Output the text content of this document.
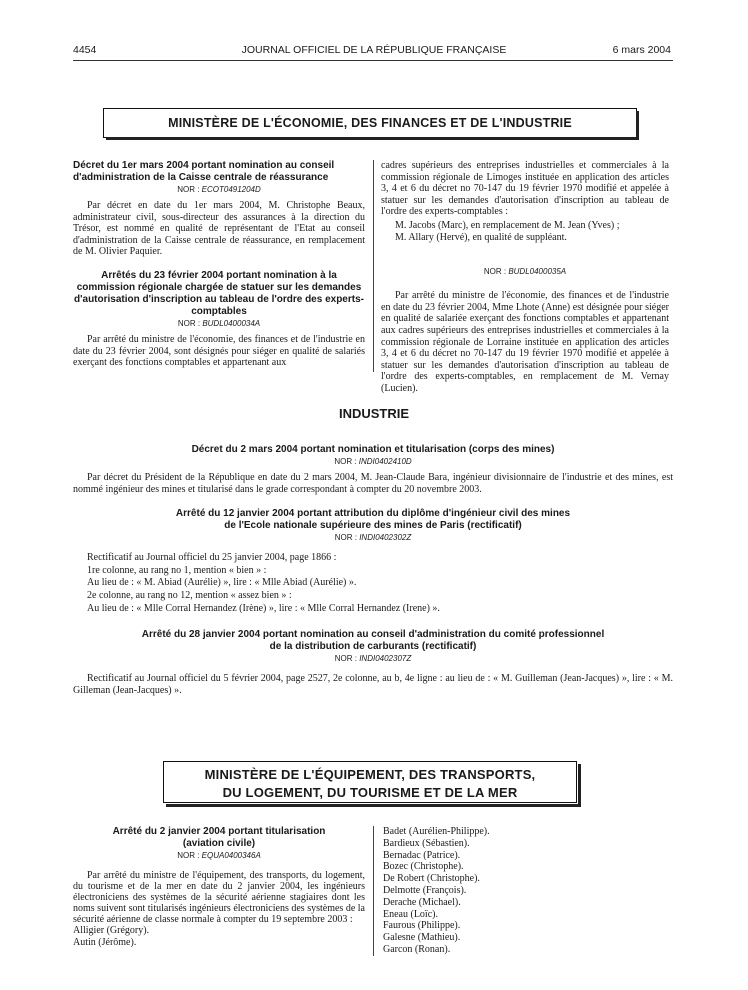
4454	JOURNAL OFFICIEL DE LA RÉPUBLIQUE FRANÇAISE	6 mars 2004
MINISTÈRE DE L'ÉCONOMIE, DES FINANCES ET DE L'INDUSTRIE

Décret du 1er mars 2004 portant nomination au conseil d'administration de la Caisse centrale de réassurance

NOR : ECOT0491204D

Par décret en date du 1er mars 2004, M. Christophe Beaux, administrateur civil, sous-directeur des assurances à la direction du Trésor, est nommé en qualité de représentant de l'Etat au conseil d'administration de la Caisse centrale de réassurance, en remplacement de M. Olivier Paquier.

Arrêtés du 23 février 2004 portant nomination à la commission régionale chargée de statuer sur les demandes d'autorisation d'inscription au tableau de l'ordre des experts-comptables

NOR : BUDL0400034A

Par arrêté du ministre de l'économie, des finances et de l'industrie en date du 23 février 2004, sont désignés pour siéger en qualité de salariés exerçant des fonctions comptables et appartenant aux

cadres supérieurs des entreprises industrielles et commerciales à la commission régionale de Limoges instituée en application des articles 3, 4 et 6 du décret no 70-147 du 19 février 1970 modifié et appelée à statuer sur les demandes d'autorisation d'inscription au tableau de l'ordre des experts-comptables :

M. Jacobs (Marc), en remplacement de M. Jean (Yves) ;

M. Allary (Hervé), en qualité de suppléant.

NOR : BUDL0400035A

Par arrêté du ministre de l'économie, des finances et de l'industrie en date du 23 février 2004, Mme Lhote (Anne) est désignée pour siéger en qualité de salariée exerçant des fonctions comptables et appartenant aux cadres supérieurs des entreprises industrielles et commerciales à la commission régionale de Lorraine instituée en application des articles 3, 4 et 6 du décret no 70-147 du 19 février 1970 modifié et appelée à statuer sur les demandes d'autorisation d'inscription au tableau de l'ordre des experts-comptables, en remplacement de M. Vernay (Lucien).

INDUSTRIE

Décret du 2 mars 2004 portant nomination et titularisation (corps des mines)

NOR : INDI0402410D

Par décret du Président de la République en date du 2 mars 2004, M. Jean-Claude Bara, ingénieur divisionnaire de l'industrie et des mines, est nommé ingénieur des mines et titularisé dans le grade correspondant à compter du 20 novembre 2003.

Arrêté du 12 janvier 2004 portant attribution du diplôme d'ingénieur civil des mines

de l'Ecole nationale supérieure des mines de Paris (rectificatif)

NOR : INDI0402302Z

Rectificatif au Journal officiel du 25 janvier 2004, page 1866 :

1re colonne, au rang no 1, mention « bien » :

Au lieu de : « M. Abiad (Aurélie) », lire : « Mlle Abiad (Aurélie) ».

2e colonne, au rang no 12, mention « assez bien » :

Au lieu de : « Mlle Corral Hernandez (Irène) », lire : « Mlle Corral Hernandez (Irene) ».

Arrêté du 28 janvier 2004 portant nomination au conseil d'administration du comité professionnel

de la distribution de carburants (rectificatif)

NOR : INDI0402307Z

Rectificatif au Journal officiel du 5 février 2004, page 2527, 2e colonne, au b, 4e ligne : au lieu de : « M. Guilleman (Jean-Jacques) », lire : « M. Gilleman (Jean-Jacques) ».

MINISTÈRE DE L'ÉQUIPEMENT, DES TRANSPORTS,
DU LOGEMENT, DU TOURISME ET DE LA MER

Arrêté du 2 janvier 2004 portant titularisation

(aviation civile)

NOR : EQUA0400346A

Par arrêté du ministre de l'équipement, des transports, du logement, du tourisme et de la mer en date du 2 janvier 2004, les ingénieurs électroniciens des systèmes de la sécurité aérienne stagiaires dont les noms suivent sont titularisés ingénieurs électroniciens des systèmes de la sécurité aérienne de classe normale à compter du 19 septembre 2003 :

Alligier (Grégory).
Autin (Jérôme).
Badet (Aurélien-Philippe).
Bardieux (Sébastien).
Bernadac (Patrice).
Bozec (Christophe).
De Robert (Christophe).
Delmotte (François).
Derache (Michael).
Eneau (Loïc).
Faurous (Philippe).
Galesne (Mathieu).
Garcon (Ronan).
